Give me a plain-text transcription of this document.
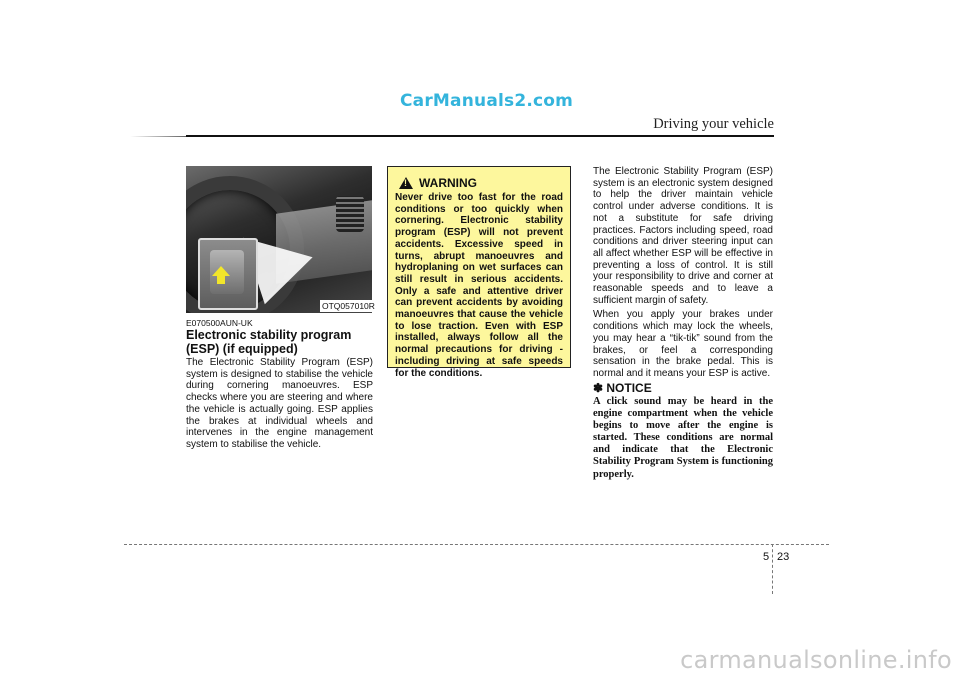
CarManuals2.com
Driving your vehicle
OTQ057010R
E070500AUN-UK
Electronic stability program (ESP) (if equipped)
The Electronic Stability Program (ESP) system is designed to stabilise the vehicle during cornering manoeuvres. ESP checks where you are steering and where the vehicle is actually going. ESP applies the brakes at individual wheels and intervenes in the engine management system to stabilise the vehicle.
!
WARNING
Never drive too fast for the road conditions or too quickly when cornering. Electronic stability program (ESP) will not prevent accidents. Excessive speed in turns, abrupt manoeuvres and hydroplaning on wet surfaces can still result in serious accidents. Only a safe and attentive driver can prevent accidents by avoiding manoeuvres that cause the vehicle to lose traction. Even with ESP installed, always follow all the normal precautions for driving - including driving at safe speeds for the conditions.

The Electronic Stability Program (ESP) system is an electronic system designed to help the driver maintain vehicle control under adverse conditions. It is not a substitute for safe driving practices. Factors including speed, road conditions and driver steering input can all affect whether ESP will be effective in preventing a loss of control. It is still your responsibility to drive and corner at reasonable speeds and to leave a sufficient margin of safety.

When you apply your brakes under conditions which may lock the wheels, you may hear a “tik-tik” sound from the brakes, or feel a corresponding sensation in the brake pedal. This is normal and it means your ESP is active.

✽ NOTICE
A click sound may be heard in the engine compartment when the vehicle begins to move after the engine is started. These conditions are normal and indicate that the Electronic Stability Program System is functioning properly.
5 23
carmanualsonline.info
